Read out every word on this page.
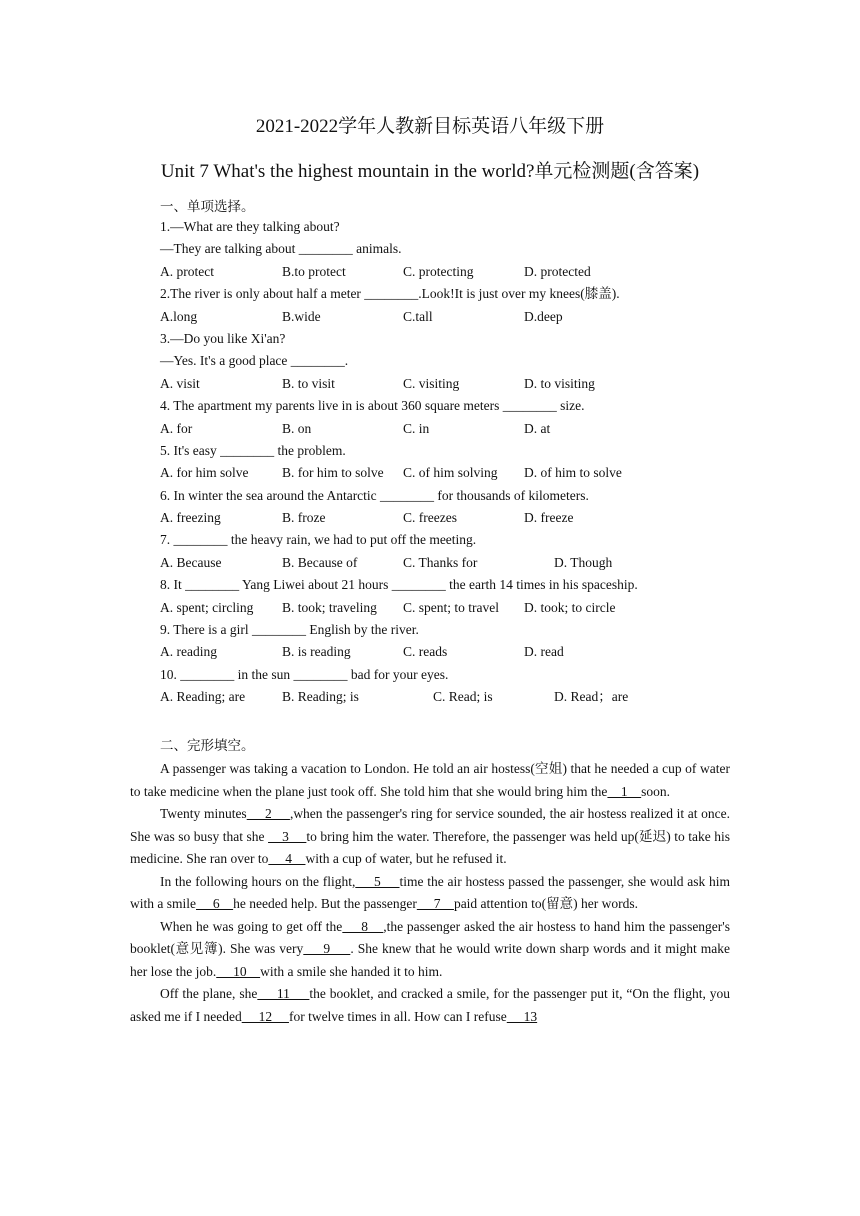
2021-2022学年人教新目标英语八年级下册
Unit 7 What's the highest mountain in the world?单元检测题(含答案)
一、单项选择。
1.—What are they talking about?
—They are talking about ________ animals.
A. protect	B.to protect	C. protecting	D. protected
2.The river is only about half a meter ________.Look!It is just over my knees(膝盖).
A.long	B.wide	C.tall	D.deep
3.—Do you like Xi'an?
—Yes. It's a good place ________.
A. visit	B. to visit	C. visiting	D. to visiting
4. The apartment my parents live in is about 360 square meters ________ size.
A. for	B. on	C. in	D. at
5. It's easy ________ the problem.
A. for him solve B. for him to solve C. of him solving D. of him to solve
6. In winter the sea around the Antarctic ________ for thousands of kilometers.
A. freezing	B. froze	C. freezes	D. freeze
7. ________ the heavy rain, we had to put off the meeting.
A. Because	B. Because of	C. Thanks for	D. Though
8. It ________ Yang Liwei about 21 hours ________ the earth 14 times in his spaceship.
A. spent; circling B. took; traveling C. spent; to travel D. took; to circle
9. There is a girl ________ English by the river.
A. reading	B. is reading	C. reads	D. read
10. ________ in the sun ________ bad for your eyes.
A. Reading; are	B. Reading; is	C. Read; is	D. Read；are
二、完形填空。

A passenger was taking a vacation to London. He told an air hostess(空姐) that he needed a cup of water to take medicine when the plane just took off. She told him that she would bring him the    1    soon.

Twenty minutes     2     ,when the passenger's ring for service sounded, the air hostess realized it at once. She was so busy that she     3     to bring him the water. Therefore, the passenger was held up(延迟) to take his medicine. She ran over to     4    with a cup of water, but he refused it.

In the following hours on the flight,     5     time the air hostess passed the passenger, she would ask him with a smile     6    he needed help. But the passenger     7    paid attention to(留意) her words.

When he was going to get off the     8    ,the passenger asked the air hostess to hand him the passenger's booklet(意见簿). She was very     9     . She knew that he would write down sharp words and it might make her lose the job.     10    with a smile she handed it to him.

Off the plane, she     11     the booklet, and cracked a smile, for the passenger put it, “On the flight, you asked me if I needed     12     for twelve times in all. How can I refuse     13
